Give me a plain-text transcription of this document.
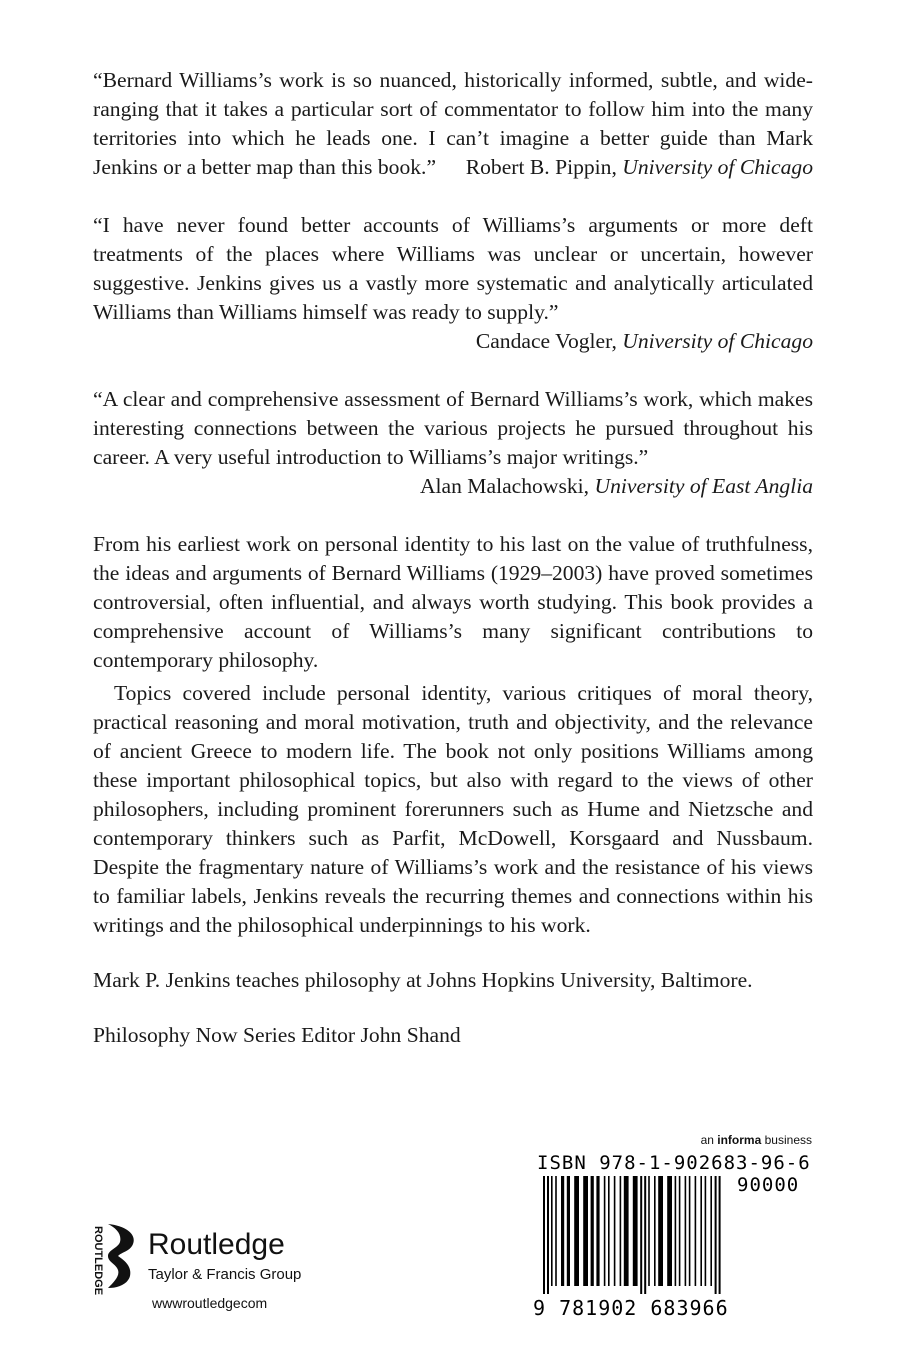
“Bernard Williams’s work is so nuanced, historically informed, subtle, and wide-ranging that it takes a particular sort of commentator to follow him into the many territories into which he leads one. I can’t imagine a better guide than Mark Jenkins or a better map than this book.” Robert B. Pippin, University of Chicago

“I have never found better accounts of Williams’s arguments or more deft treatments of the places where Williams was unclear or uncertain, however suggestive. Jenkins gives us a vastly more systematic and analytically articulated Williams than Williams himself was ready to supply.”

Candace Vogler, University of Chicago

“A clear and comprehensive assessment of Bernard Williams’s work, which makes interesting connections between the various projects he pursued throughout his career. A very useful introduction to Williams’s major writings.”

Alan Malachowski, University of East Anglia

From his earliest work on personal identity to his last on the value of truthfulness, the ideas and arguments of Bernard Williams (1929–2003) have proved sometimes controversial, often influential, and always worth studying. This book provides a comprehensive account of Williams’s many significant contributions to contemporary philosophy.

Topics covered include personal identity, various critiques of moral theory, practical reasoning and moral motivation, truth and objectivity, and the relevance of ancient Greece to modern life. The book not only positions Williams among these important philosophical topics, but also with regard to the views of other philosophers, including prominent forerunners such as Hume and Nietzsche and contemporary thinkers such as Parfit, McDowell, Korsgaard and Nussbaum. Despite the fragmentary nature of Williams’s work and the resistance of his views to familiar labels, Jenkins reveals the recurring themes and connections within his writings and the philosophical underpinnings to his work.

Mark P. Jenkins teaches philosophy at Johns Hopkins University, Baltimore.

Philosophy Now Series Editor John Shand

an informa business
ISBN 978-1-902683-96-6
90000
9 781902 683966
ROUTLEDGE Routledge
Taylor & Francis Group
wwwroutledgecom
